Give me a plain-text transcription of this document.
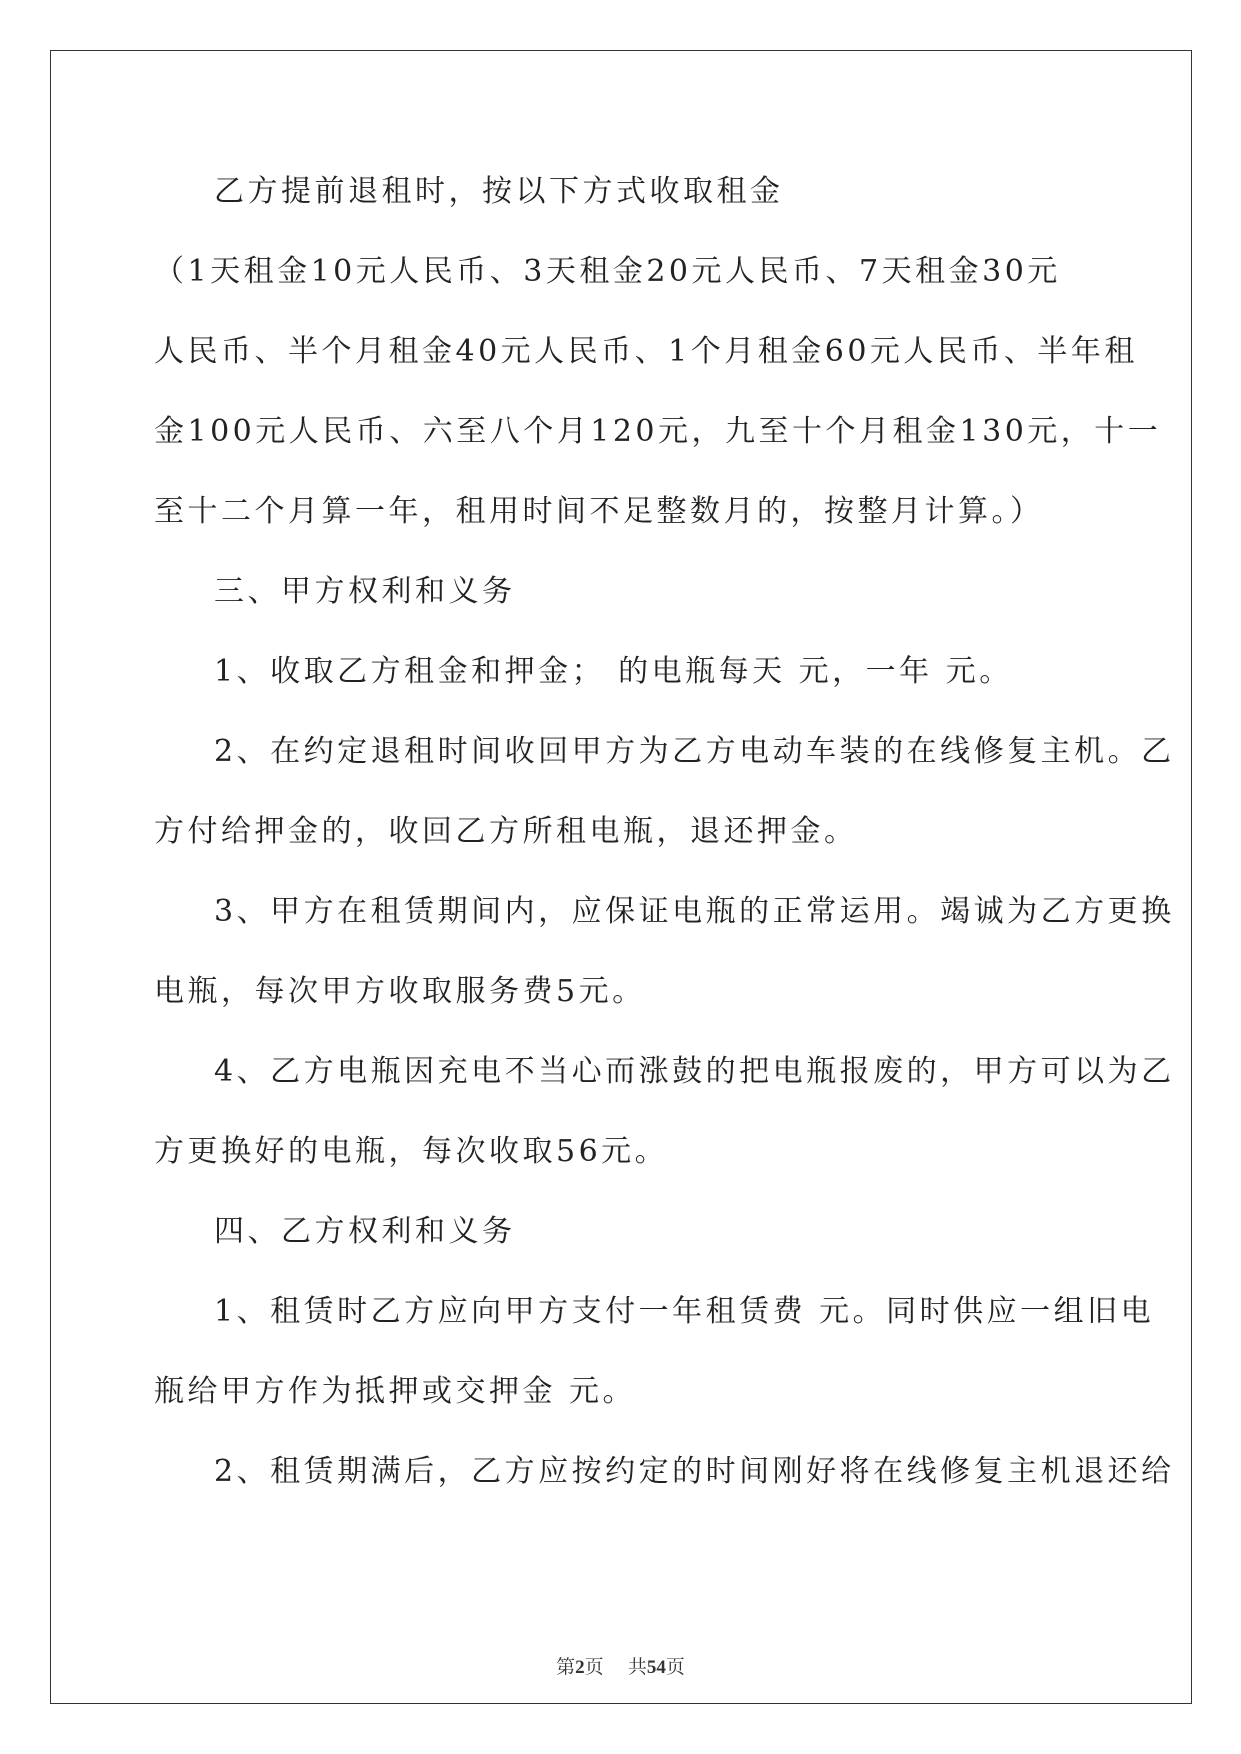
乙方提前退租时，按以下方式收取租金
（1天租金10元人民币、3天租金20元人民币、7天租金30元
人民币、半个月租金40元人民币、1个月租金60元人民币、半年租
金100元人民币、六至八个月120元，九至十个月租金130元，十一
至十二个月算一年，租用时间不足整数月的，按整月计算。）
三、甲方权利和义务
1、收取乙方租金和押金； 的电瓶每天 元，一年 元。
2、在约定退租时间收回甲方为乙方电动车装的在线修复主机。乙
方付给押金的，收回乙方所租电瓶，退还押金。
3、甲方在租赁期间内，应保证电瓶的正常运用。竭诚为乙方更换
电瓶，每次甲方收取服务费5元。
4、乙方电瓶因充电不当心而涨鼓的把电瓶报废的，甲方可以为乙
方更换好的电瓶，每次收取56元。
四、乙方权利和义务
1、租赁时乙方应向甲方支付一年租赁费 元。同时供应一组旧电
瓶给甲方作为抵押或交押金 元。
2、租赁期满后，乙方应按约定的时间刚好将在线修复主机退还给
第2页 共54页
